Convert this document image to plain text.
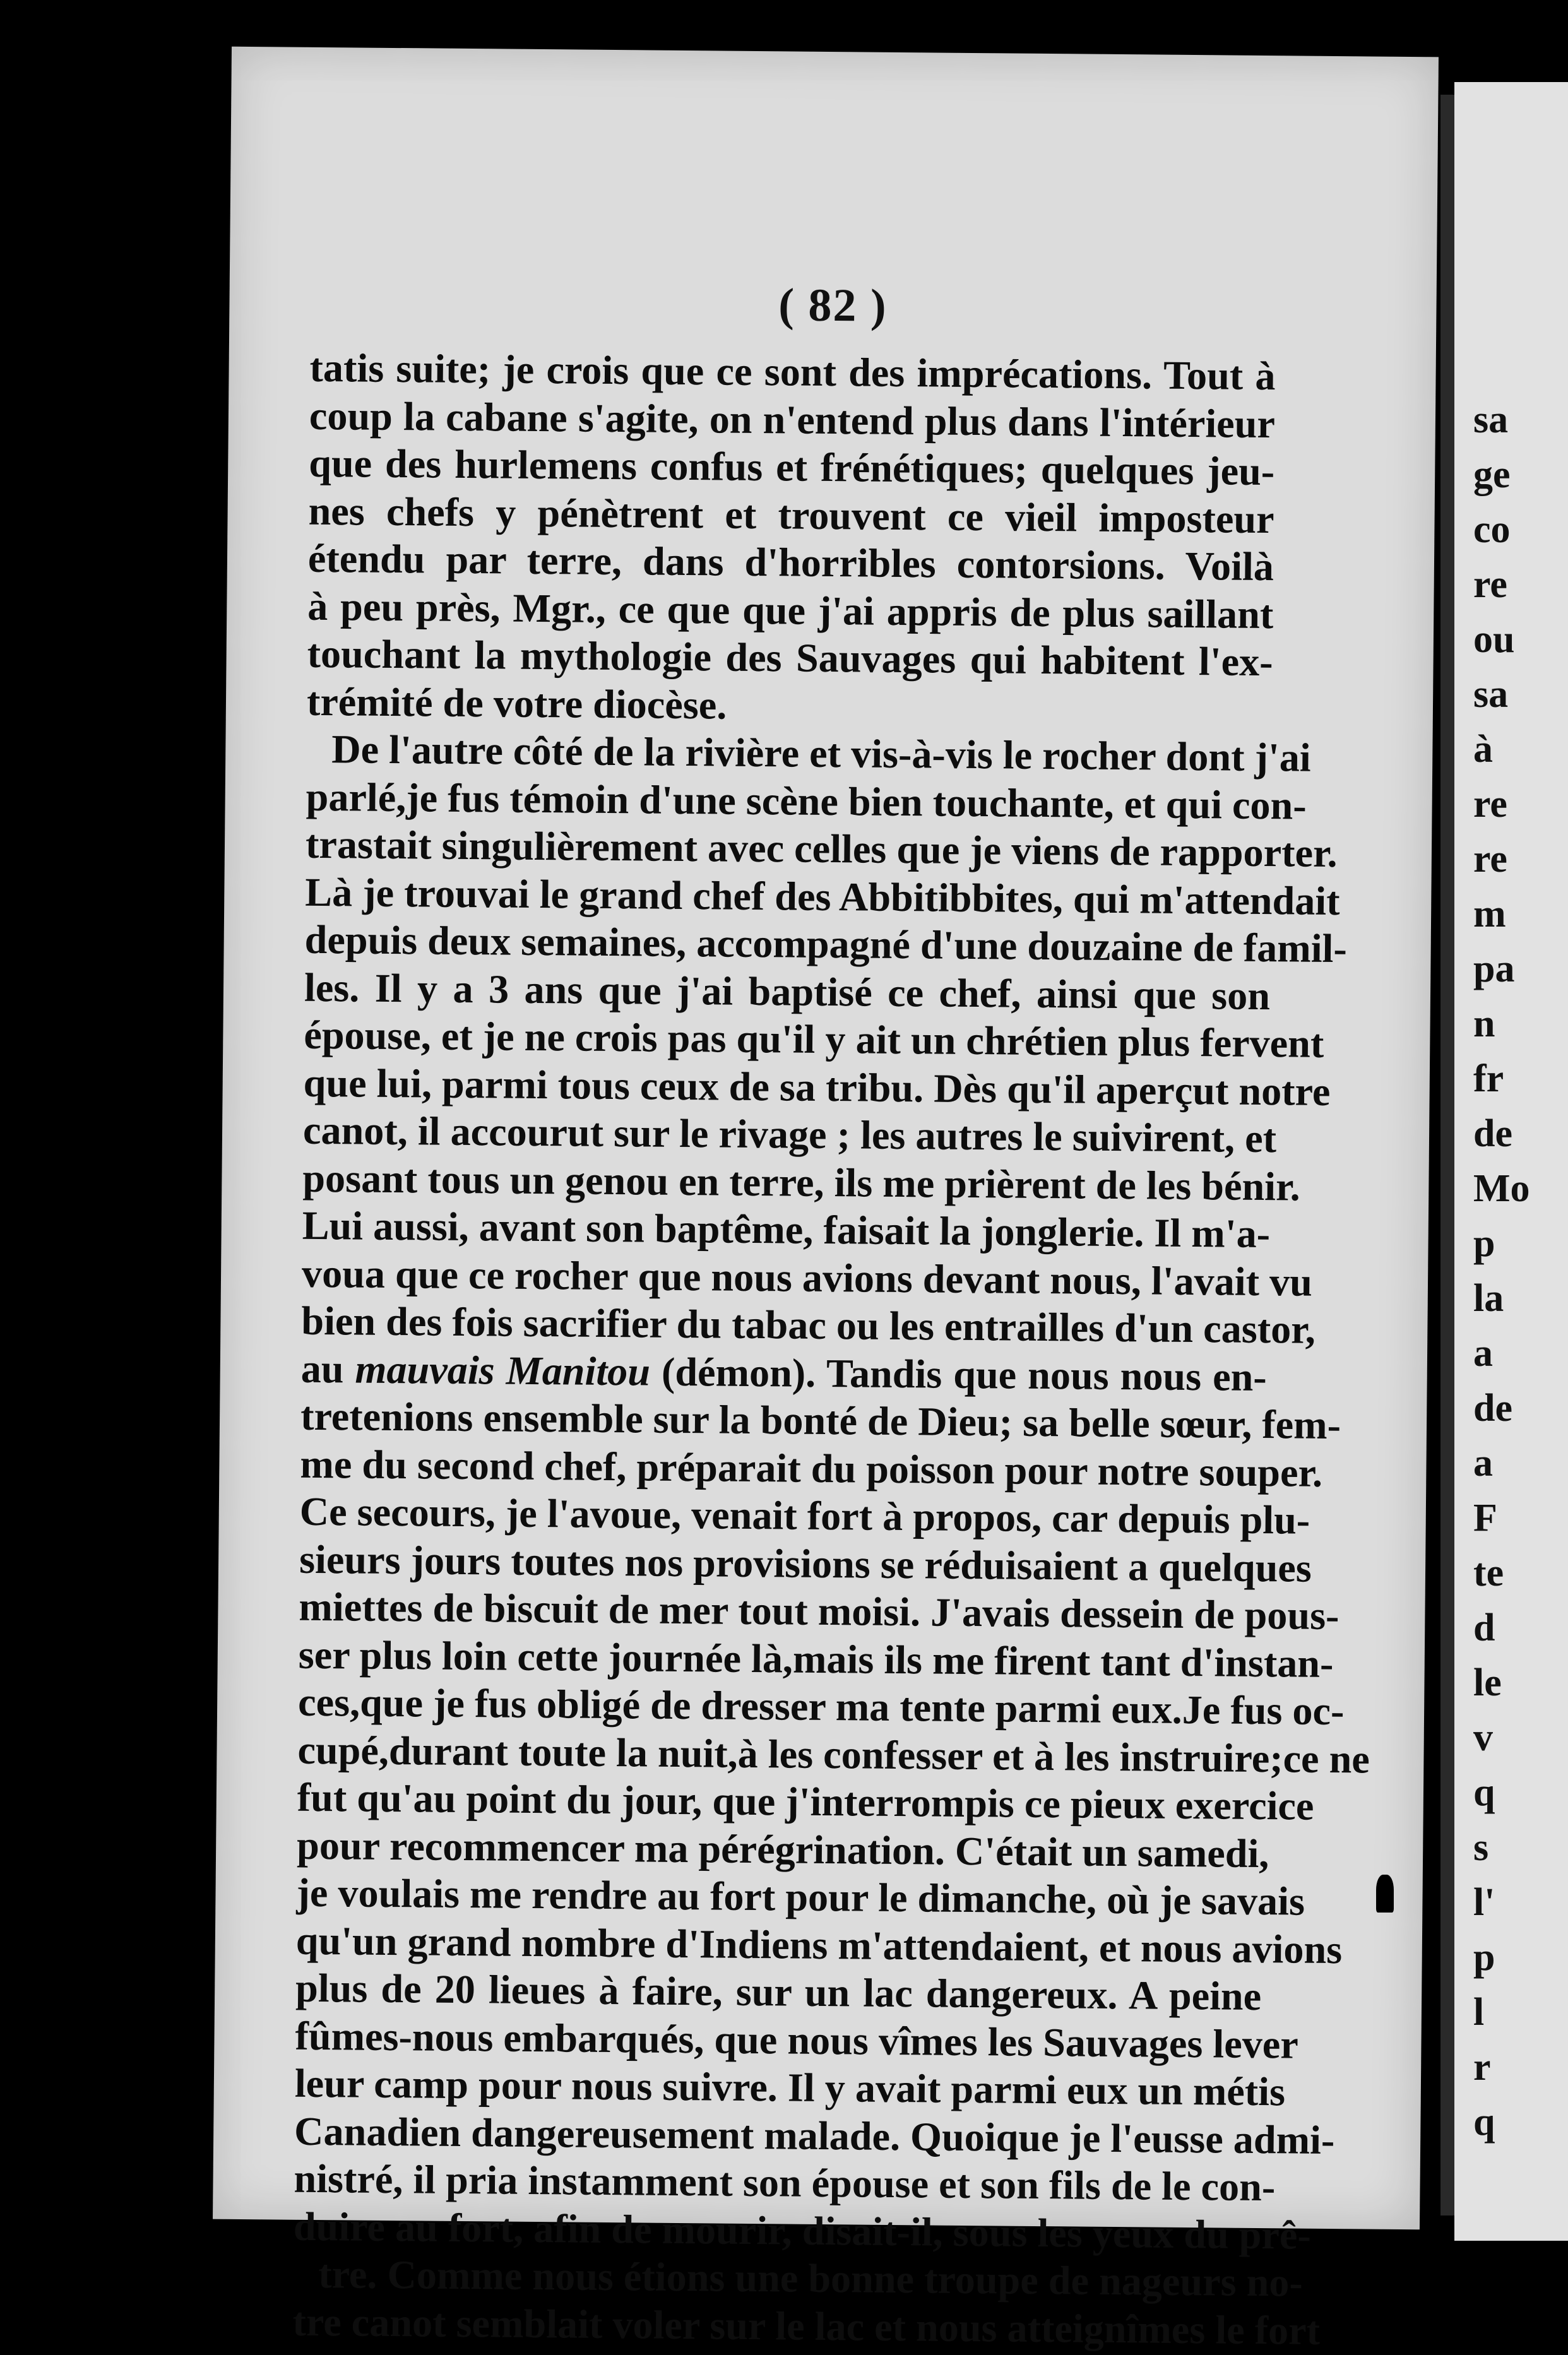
( 82 )
tatis suite; je crois que ce sont des imprécations. Tout à
coup la cabane s'agite, on n'entend plus dans l'intérieur
que des hurlemens confus et frénétiques; quelques jeu-
nes chefs y pénètrent et trouvent ce vieil imposteur
étendu par terre, dans d'horribles contorsions. Voilà
à peu près, Mgr., ce que que j'ai appris de plus saillant
touchant la mythologie des Sauvages qui habitent l'ex-
trémité de votre diocèse.
De l'autre côté de la rivière et vis-à-vis le rocher dont j'ai
parlé,je fus témoin d'une scène bien touchante, et qui con-
trastait singulièrement avec celles que je viens de rapporter.
Là je trouvai le grand chef des Abbitibbites, qui m'attendait
depuis deux semaines, accompagné d'une douzaine de famil-
les. Il y a 3 ans que j'ai baptisé ce chef, ainsi que son
épouse, et je ne crois pas qu'il y ait un chrétien plus fervent
que lui, parmi tous ceux de sa tribu. Dès qu'il aperçut notre
canot, il accourut sur le rivage ; les autres le suivirent, et
posant tous un genou en terre, ils me prièrent de les bénir.
Lui aussi, avant son baptême, faisait la jonglerie. Il m'a-
voua que ce rocher que nous avions devant nous, l'avait vu
bien des fois sacrifier du tabac ou les entrailles d'un castor,
au mauvais Manitou (démon). Tandis que nous nous en-
tretenions ensemble sur la bonté de Dieu; sa belle sœur, fem-
me du second chef, préparait du poisson pour notre souper.
Ce secours, je l'avoue, venait fort à propos, car depuis plu-
sieurs jours toutes nos provisions se réduisaient a quelques
miettes de biscuit de mer tout moisi. J'avais dessein de pous-
ser plus loin cette journée là,mais ils me firent tant d'instan-
ces,que je fus obligé de dresser ma tente parmi eux.Je fus oc-
cupé,durant toute la nuit,à les confesser et à les instruire;ce ne
fut qu'au point du jour, que j'interrompis ce pieux exercice
pour recommencer ma pérégrination. C'était un samedi,
je voulais me rendre au fort pour le dimanche, où je savais
qu'un grand nombre d'Indiens m'attendaient, et nous avions
plus de 20 lieues à faire, sur un lac dangereux. A peine
fûmes-nous embarqués, que nous vîmes les Sauvages lever
leur camp pour nous suivre. Il y avait parmi eux un métis
Canadien dangereusement malade. Quoique je l'eusse admi-
nistré, il pria instamment son épouse et son fils de le con-
duire au fort, afin de mourir, disait-il, sous les yeux du prê-
tre. Comme nous étions une bonne troupe de nageurs no-
tre canot semblait voler sur le lac et nous atteignîmes le fort
sa
ge
co
re
ou
sa
à
re
re
m
pa
n
fr
de
Mo
p
la
a
de
a
F
te
d
le
v
q
s
l'
p
l
r
q
